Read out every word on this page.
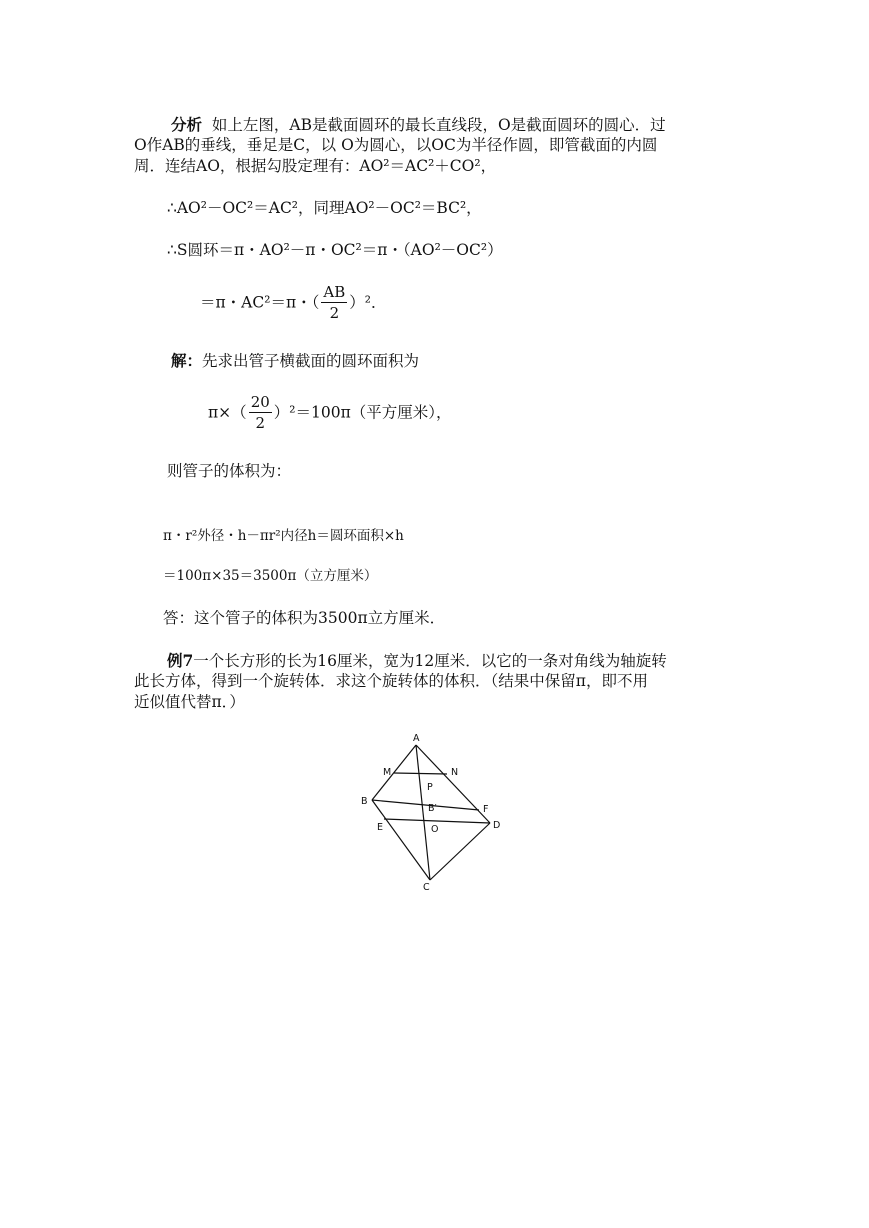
分析 如上左图，AB是截面圆环的最长直线段，O是截面圆环的圆心．过
O作AB的垂线，垂足是C，以 O为圆心，以OC为半径作圆，即管截面的内圆
周．连结AO，根据勾股定理有：AO²＝AC²＋CO²，
∴AO²－OC²＝AC²，同理AO²－OC²＝BC²，
∴S圆环＝π・AO²－π・OC²＝π・（AO²－OC²）
＝π・AC²＝π・（ $\frac{AB}{2} )^2$．
解：先求出管子横截面的圆环面积为
$\pi\times( \frac{20}{2} )^2=100\pi$（平方厘米），
则管子的体积为：
π・r²外径・h－πr²内径h＝圆环面积×h
＝100π×35＝3500π（立方厘米）
答：这个管子的体积为3500π立方厘米．
例7一个长方形的长为16厘米，宽为12厘米．以它的一条对角线为轴旋转
此长方体，得到一个旋转体．求这个旋转体的体积．（结果中保留π，即不用
近似值代替π．）
A
M	N
P
B
B′	F
E	O	D
C
